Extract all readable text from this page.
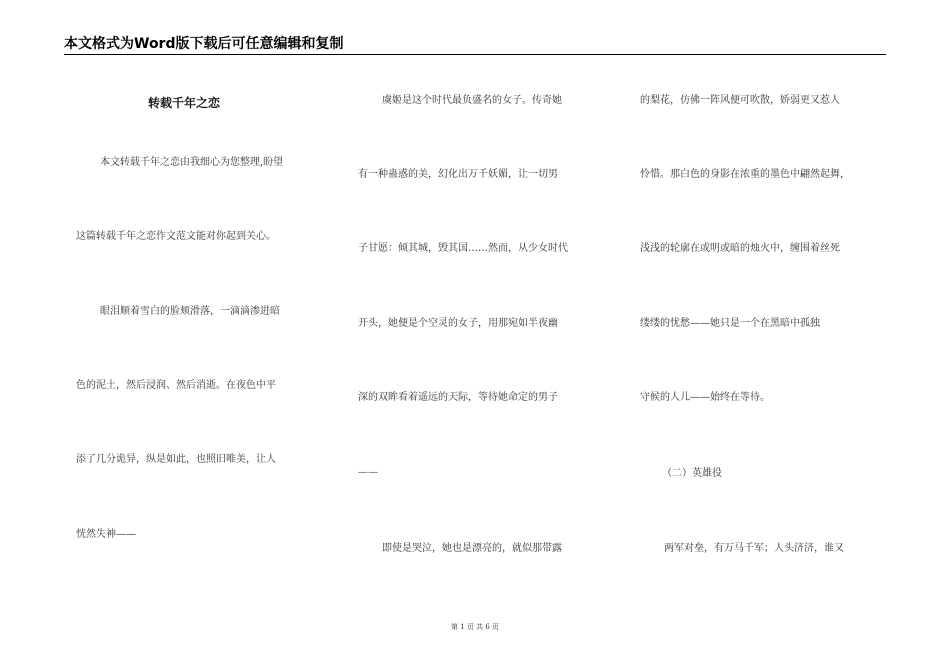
本文格式为Word版下载后可任意编辑和复制
转载千年之恋
本文转载千年之恋由我细心为您整理,盼望
这篇转载千年之恋作文范文能对你起到关心。
眼泪顺着雪白的脸颊滑落，一滴滴渗进暗
色的泥土，然后浸润、然后消逝。在夜色中平
添了几分诡异，纵是如此，也照旧唯美，让人
恍然失神——
虞姬是这个时代最负盛名的女子。传奇她
有一种蛊惑的美，幻化出万千妖媚，让一切男
子甘愿：倾其城，毁其国……然而，从少女时代
开头，她便是个空灵的女子，用那宛如半夜幽
深的双眸看着遥远的天际，等待她命定的男子
——
即使是哭泣，她也是漂亮的，就似那带露
的梨花，仿佛一阵风便可吹散，娇弱更又惹人
怜惜。那白色的身影在浓重的墨色中翩然起舞，
浅浅的轮廓在或明或暗的烛火中，缠围着丝死
缕缕的忧愁——她只是一个在黑暗中孤独
守候的人儿——始终在等待。
（二）英雄役
两军对垒，有万马千军；人头济济，谁又
第 1 页 共 6 页
